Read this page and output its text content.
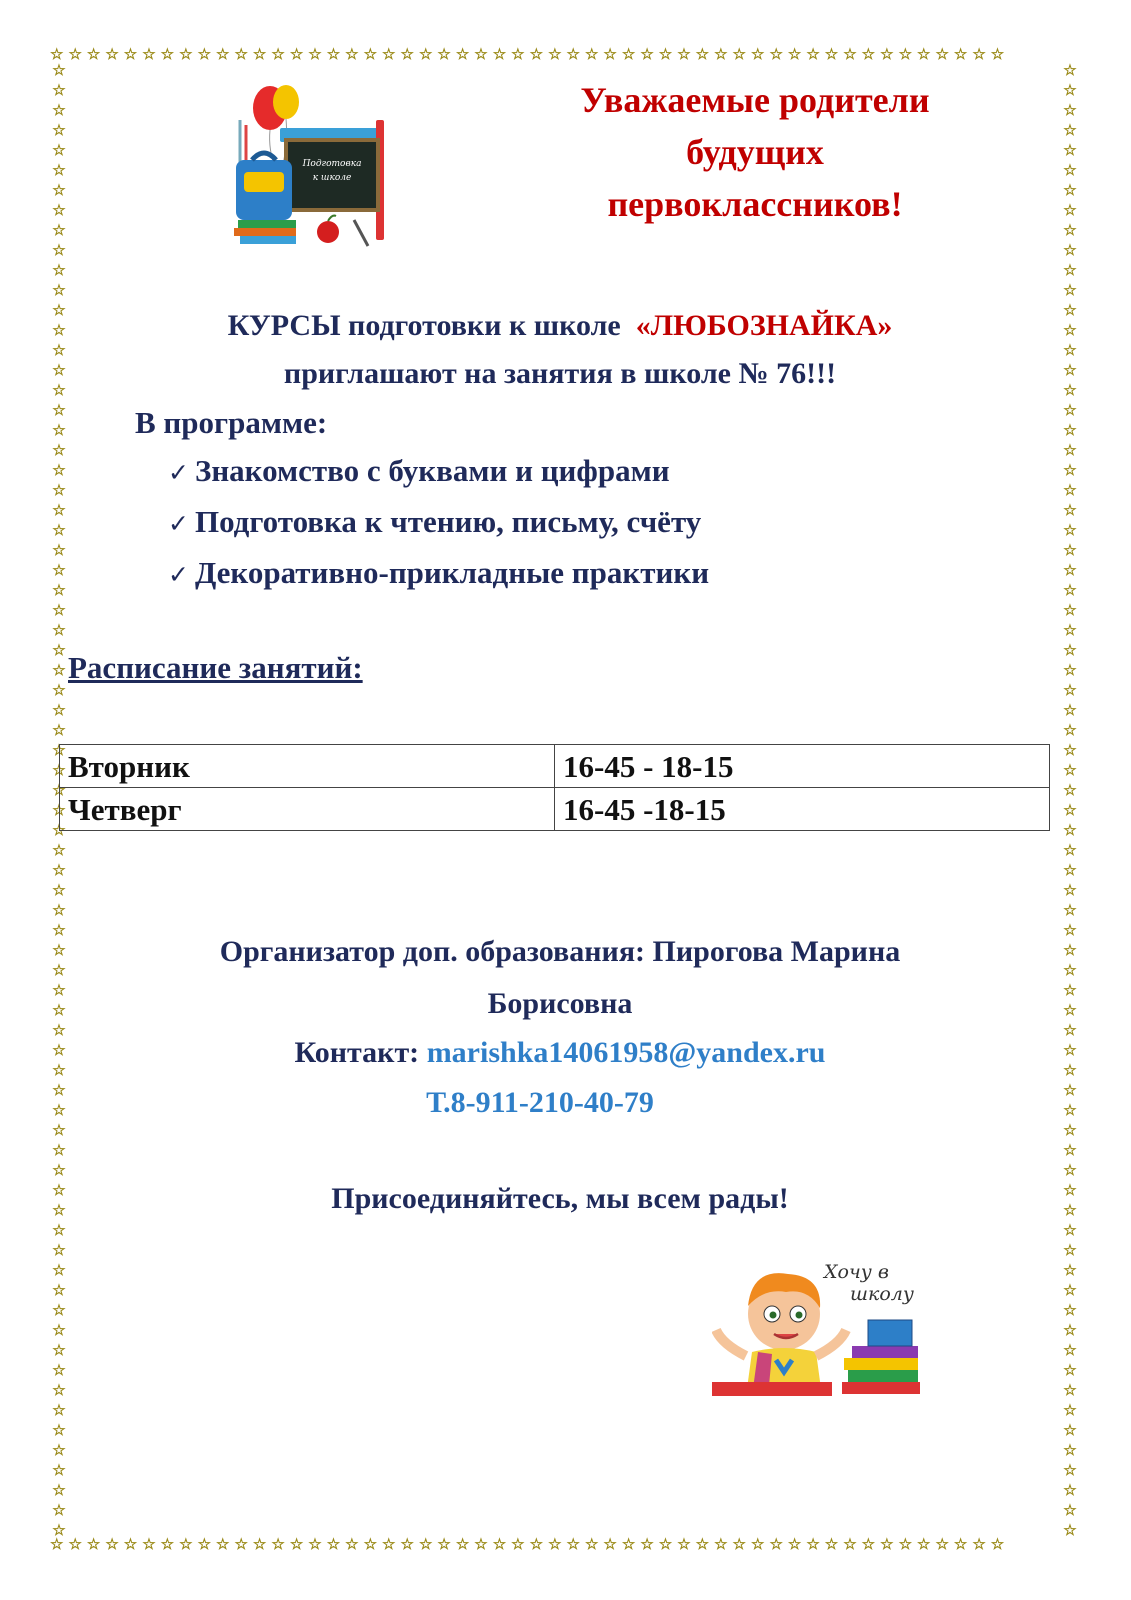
☆☆☆☆☆☆☆☆☆☆☆☆☆☆☆☆☆☆☆☆☆☆☆☆☆☆☆☆☆☆☆☆☆☆☆☆☆☆☆☆☆☆☆☆☆☆☆☆☆☆☆☆
☆☆☆☆☆☆☆☆☆☆☆☆☆☆☆☆☆☆☆☆☆☆☆☆☆☆☆☆☆☆☆☆☆☆☆☆☆☆☆☆☆☆☆☆☆☆☆☆☆☆☆☆
☆☆☆☆☆☆☆☆☆☆☆☆☆☆☆☆☆☆☆☆☆☆☆☆☆☆☆☆☆☆☆☆☆☆☆☆☆☆☆☆☆☆☆☆☆☆☆☆☆☆☆☆☆☆☆☆☆☆☆☆☆☆☆☆☆☆☆☆☆☆☆☆☆☆
☆☆☆☆☆☆☆☆☆☆☆☆☆☆☆☆☆☆☆☆☆☆☆☆☆☆☆☆☆☆☆☆☆☆☆☆☆☆☆☆☆☆☆☆☆☆☆☆☆☆☆☆☆☆☆☆☆☆☆☆☆☆☆☆☆☆☆☆☆☆☆☆☆☆
Подготовка
к школе
Уважаемые родители
будущих
первоклассников!
КУРСЫ подготовки к школе «ЛЮБОЗНАЙКА»
приглашают на занятия в школе № 76!!!
В программе:
✓ Знакомство с буквами и цифрами
✓ Подготовка к чтению, письму, счёту
✓ Декоративно-прикладные практики
Расписание занятий:
Вторник	16-45 - 18-15
Четверг	16-45 -18-15
Организатор доп. образования: Пирогова Марина
Борисовна
Контакт: marishka14061958@yandex.ru
Т.8-911-210-40-79
Присоединяйтесь, мы всем рады!
Хочу в
школу
